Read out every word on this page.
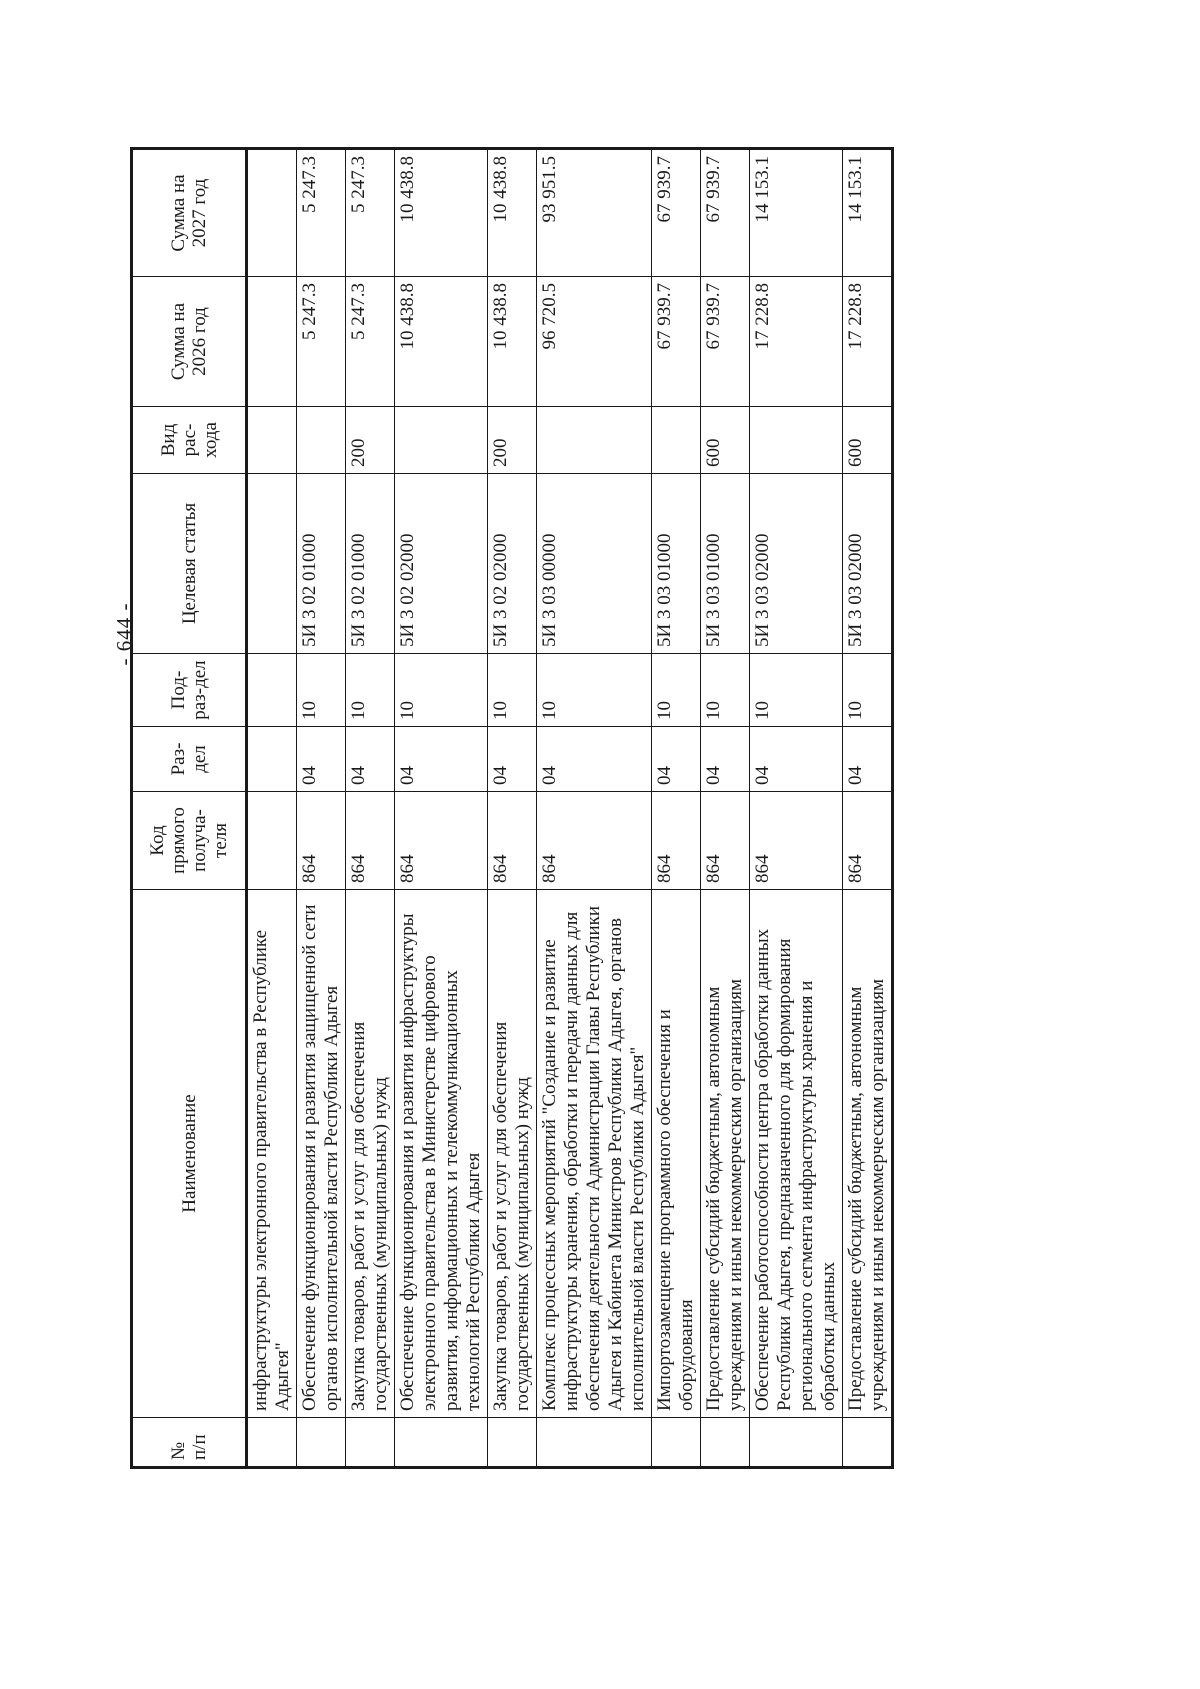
- 644 -
№ п/п	Наименование	Код прямого получа-теля	Раз-дел	Под-раз-дел	Целевая статья	Вид рас-хода	Сумма на 2026 год	Сумма на 2027 год
	инфраструктуры электронного правительства в Республике Адыгея"							
	Обеспечение функционирования и развития защищенной сети органов исполнительной власти Республики Адыгея	864	04	10	5И 3 02 01000		5 247.3	5 247.3
	Закупка товаров, работ и услуг для обеспечения государственных (муниципальных) нужд	864	04	10	5И 3 02 01000	200	5 247.3	5 247.3
	Обеспечение функционирования и развития инфраструктуры электронного правительства в Министерстве цифрового развития, информационных и телекоммуникационных технологий Республики Адыгея	864	04	10	5И 3 02 02000		10 438.8	10 438.8
	Закупка товаров, работ и услуг для обеспечения государственных (муниципальных) нужд	864	04	10	5И 3 02 02000	200	10 438.8	10 438.8
	Комплекс процессных мероприятий "Создание и развитие инфраструктуры хранения, обработки и передачи данных для обеспечения деятельности Администрации Главы Республики Адыгея и Кабинета Министров Республики Адыгея, органов исполнительной власти Республики Адыгея"	864	04	10	5И 3 03 00000		96 720.5	93 951.5
	Импортозамещение программного обеспечения и оборудования	864	04	10	5И 3 03 01000		67 939.7	67 939.7
	Предоставление субсидий бюджетным, автономным учреждениям и иным некоммерческим организациям	864	04	10	5И 3 03 01000	600	67 939.7	67 939.7
	Обеспечение работоспособности центра обработки данных Республики Адыгея, предназначенного для формирования регионального сегмента инфраструктуры хранения и обработки данных	864	04	10	5И 3 03 02000		17 228.8	14 153.1
	Предоставление субсидий бюджетным, автономным учреждениям и иным некоммерческим организациям	864	04	10	5И 3 03 02000	600	17 228.8	14 153.1
